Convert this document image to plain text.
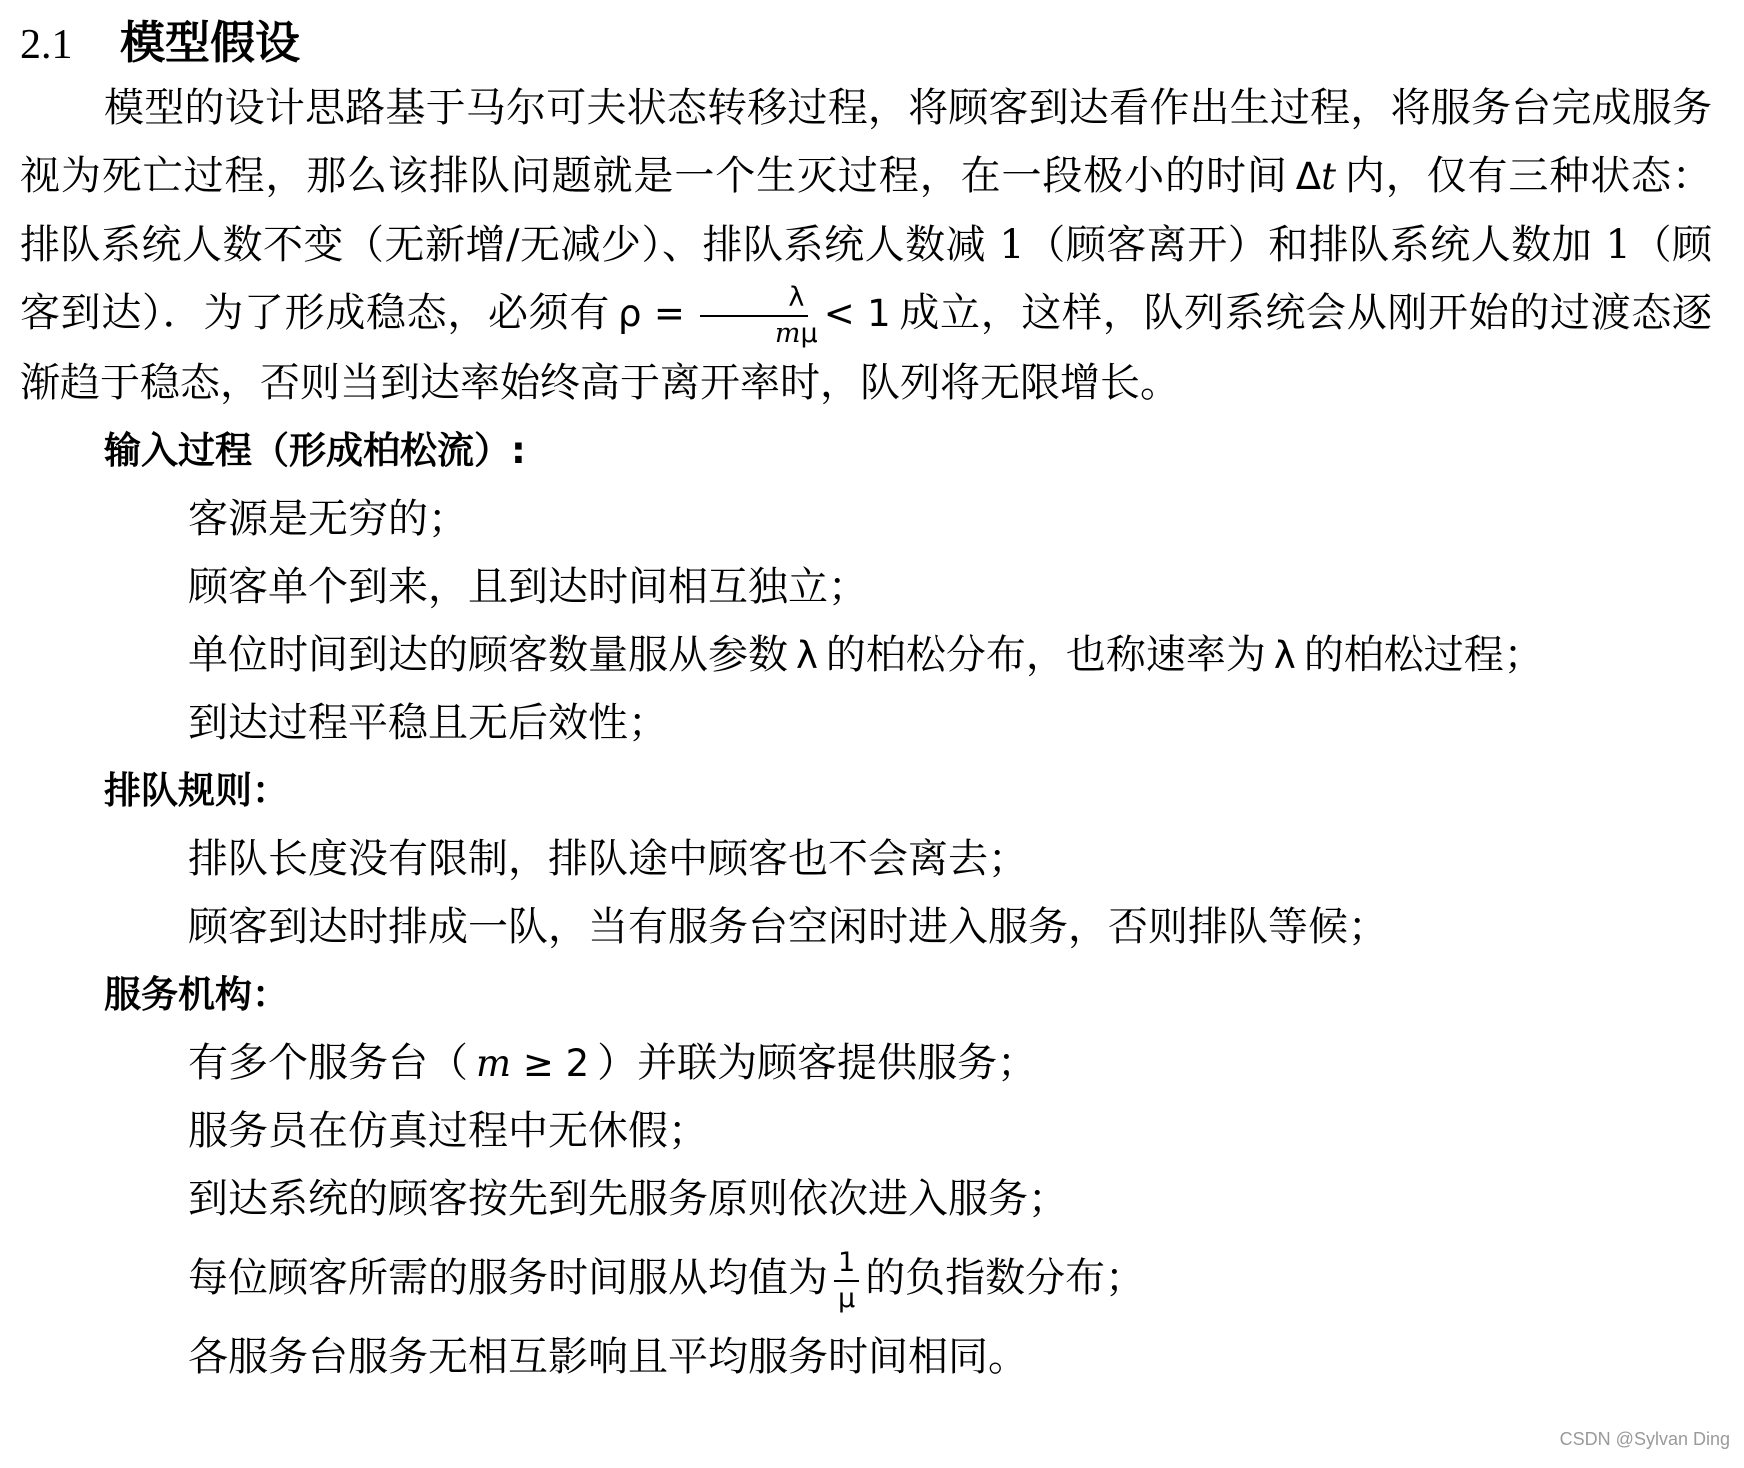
2.1	模型假设

模型的设计思路基于马尔可夫状态转移过程，将顾客到达看作出生过程，将服务台完成服务视为死亡过程，那么该排队问题就是一个生灭过程，在一段极小的时间 Δt 内，仅有三种状态：排队系统人数不变（无新增/无减少）、排队系统人数减 1（顾客离开）和排队系统人数加 1（顾客到达）．为了形成稳态，必须有 $\rho = \frac{\lambda}{m\mu} < 1$ 成立，这样，队列系统会从刚开始的过渡态逐渐趋于稳态，否则当到达率始终高于离开率时，队列将无限增长。

输入过程（形成柏松流）:
客源是无穷的；
顾客单个到来，且到达时间相互独立；
单位时间到达的顾客数量服从参数 λ 的柏松分布，也称速率为 λ 的柏松过程；
到达过程平稳且无后效性；
排队规则：
排队长度没有限制，排队途中顾客也不会离去；
顾客到达时排成一队，当有服务台空闲时进入服务，否则排队等候；
服务机构：
有多个服务台（ m ≥ 2 ）并联为顾客提供服务；
服务员在仿真过程中无休假；
到达系统的顾客按先到先服务原则依次进入服务；
每位顾客所需的服务时间服从均值为 $\frac{1}{\mu}$ 的负指数分布；
各服务台服务无相互影响且平均服务时间相同。
CSDN @Sylvan Ding
